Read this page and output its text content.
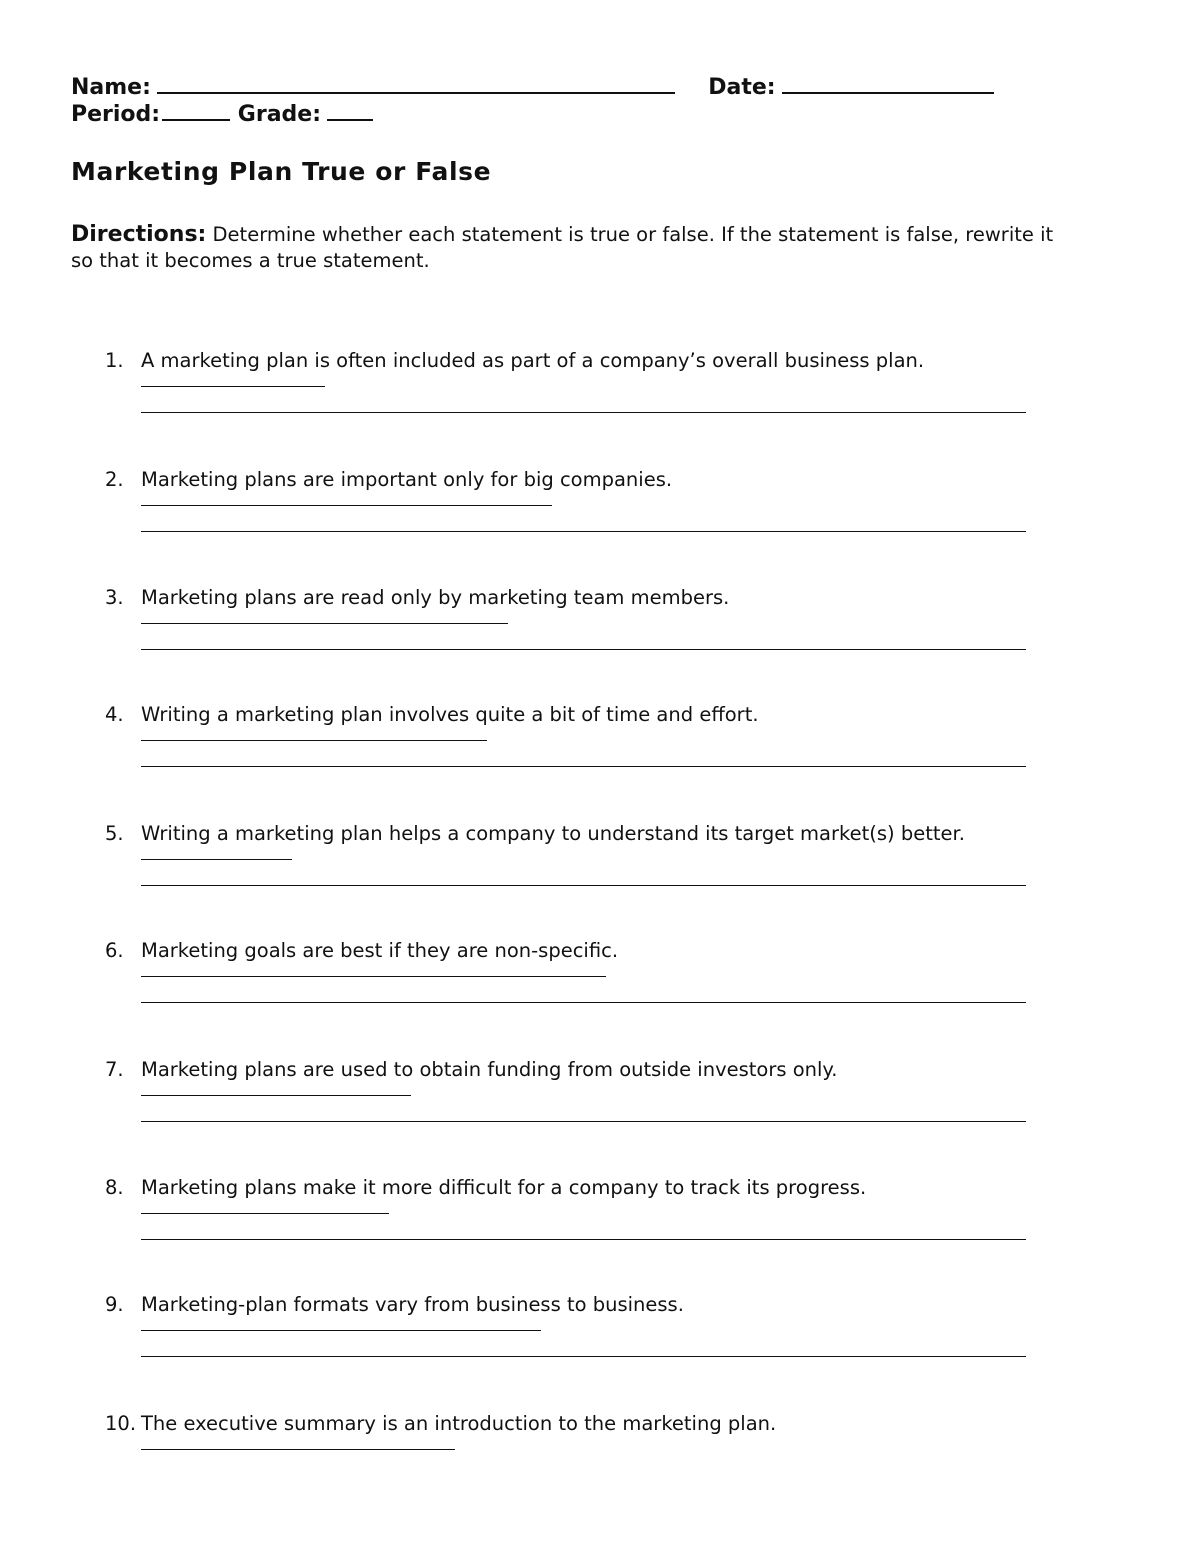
Name:	Date:
Period:	Grade:
Marketing Plan True or False
Directions: Determine whether each statement is true or false. If the statement is false, rewrite it so that it becomes a true statement.
1. A marketing plan is often included as part of a company’s overall business plan.
2. Marketing plans are important only for big companies.
3. Marketing plans are read only by marketing team members.
4. Writing a marketing plan involves quite a bit of time and effort.
5. Writing a marketing plan helps a company to understand its target market(s) better.
6. Marketing goals are best if they are non-specific.
7. Marketing plans are used to obtain funding from outside investors only.
8. Marketing plans make it more difficult for a company to track its progress.
9. Marketing-plan formats vary from business to business.
10. The executive summary is an introduction to the marketing plan.
